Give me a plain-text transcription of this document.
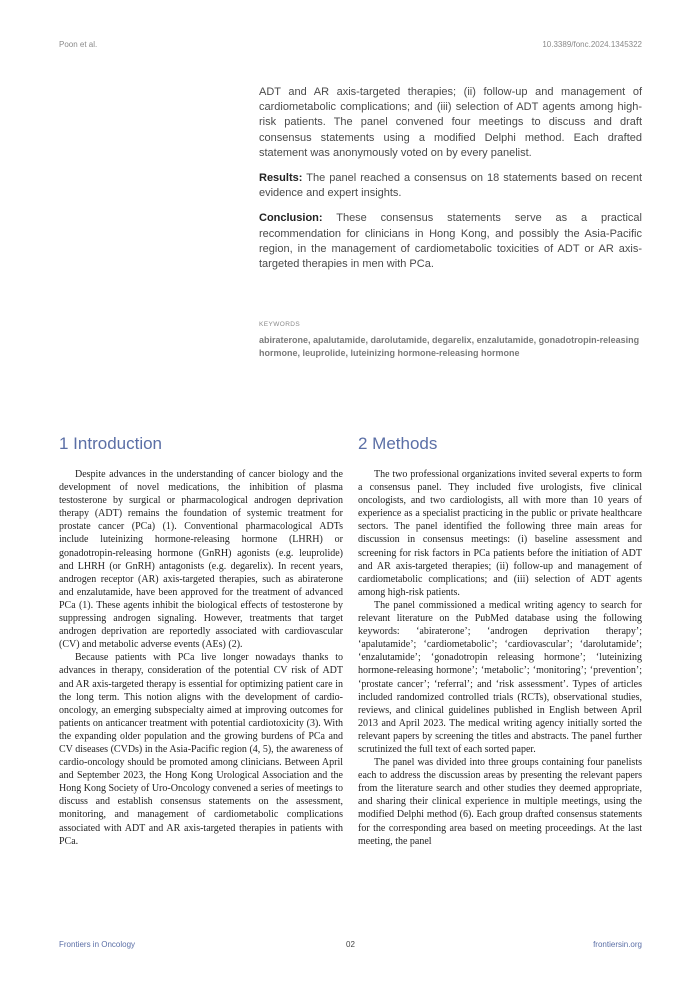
Poon et al.	10.3389/fonc.2024.1345322

ADT and AR axis-targeted therapies; (ii) follow-up and management of cardiometabolic complications; and (iii) selection of ADT agents among high-risk patients. The panel convened four meetings to discuss and draft consensus statements using a modified Delphi method. Each drafted statement was anonymously voted on by every panelist.

Results: The panel reached a consensus on 18 statements based on recent evidence and expert insights.

Conclusion: These consensus statements serve as a practical recommendation for clinicians in Hong Kong, and possibly the Asia-Pacific region, in the management of cardiometabolic toxicities of ADT or AR axis-targeted therapies in men with PCa.

KEYWORDS
abiraterone, apalutamide, darolutamide, degarelix, enzalutamide, gonadotropin-releasing hormone, leuprolide, luteinizing hormone-releasing hormone
1 Introduction

Despite advances in the understanding of cancer biology and the development of novel medications, the inhibition of plasma testosterone by surgical or pharmacological androgen deprivation therapy (ADT) remains the foundation of systemic treatment for prostate cancer (PCa) (1). Conventional pharmacological ADTs include luteinizing hormone-releasing hormone (LHRH) or gonadotropin-releasing hormone (GnRH) agonists (e.g. leuprolide) and LHRH (or GnRH) antagonists (e.g. degarelix). In recent years, androgen receptor (AR) axis-targeted therapies, such as abiraterone and enzalutamide, have been approved for the treatment of advanced PCa (1). These agents inhibit the biological effects of testosterone by suppressing androgen signaling. However, treatments that target androgen deprivation are reportedly associated with cardiovascular (CV) and metabolic adverse events (AEs) (2).

Because patients with PCa live longer nowadays thanks to advances in therapy, consideration of the potential CV risk of ADT and AR axis-targeted therapy is essential for optimizing patient care in the long term. This notion aligns with the development of cardio-oncology, an emerging subspecialty aimed at improving outcomes for patients on anticancer treatment with potential cardiotoxicity (3). With the expanding older population and the growing burdens of PCa and CV diseases (CVDs) in the Asia-Pacific region (4, 5), the awareness of cardio-oncology should be promoted among clinicians. Between April and September 2023, the Hong Kong Urological Association and the Hong Kong Society of Uro-Oncology convened a series of meetings to discuss and establish consensus statements on the assessment, monitoring, and management of cardiometabolic complications associated with ADT and AR axis-targeted therapies in patients with PCa.

2 Methods

The two professional organizations invited several experts to form a consensus panel. They included five urologists, five clinical oncologists, and two cardiologists, all with more than 10 years of experience as a specialist practicing in the public or private healthcare sectors. The panel identified the following three main areas for discussion in consensus meetings: (i) baseline assessment and screening for risk factors in PCa patients before the initiation of ADT and AR axis-targeted therapies; (ii) follow-up and management of cardiometabolic complications; and (iii) selection of ADT agents among high-risk patients.

The panel commissioned a medical writing agency to search for relevant literature on the PubMed database using the following keywords: ‘abiraterone’; ‘androgen deprivation therapy’; ‘apalutamide’; ‘cardiometabolic’; ‘cardiovascular’; ‘darolutamide’; ‘enzalutamide’; ‘gonadotropin releasing hormone’; ‘luteinizing hormone-releasing hormone’; ‘metabolic’; ‘monitoring’; ‘prevention’; ‘prostate cancer’; ‘referral’; and ‘risk assessment’. Types of articles included randomized controlled trials (RCTs), observational studies, reviews, and clinical guidelines published in English between April 2013 and April 2023. The medical writing agency initially sorted the relevant papers by screening the titles and abstracts. The panel further scrutinized the full text of each sorted paper.

The panel was divided into three groups containing four panelists each to address the discussion areas by presenting the relevant papers from the literature search and other studies they deemed appropriate, and sharing their clinical experience in multiple meetings, using the modified Delphi method (6). Each group drafted consensus statements for the corresponding area based on meeting proceedings. At the last meeting, the panel

Frontiers in Oncology	02	frontiersin.org
